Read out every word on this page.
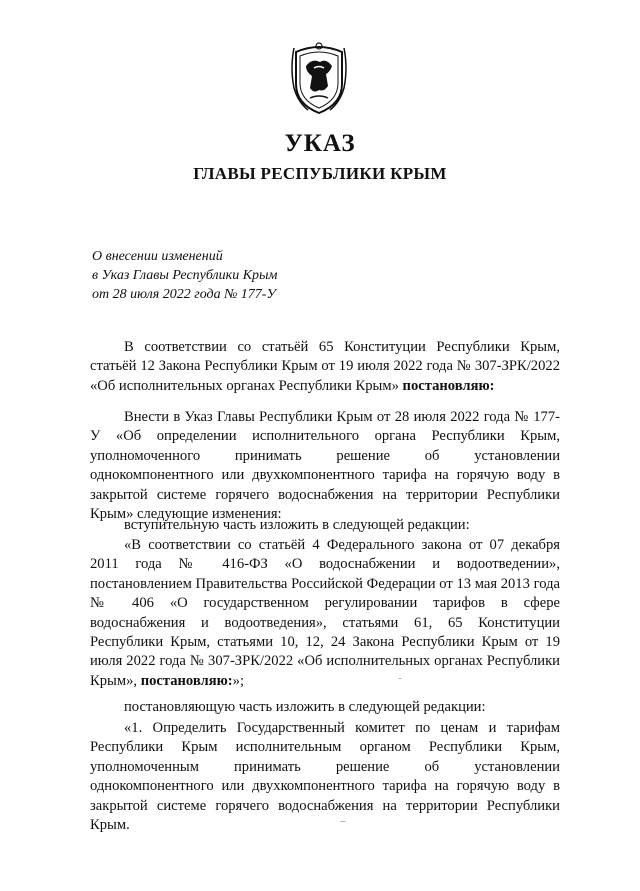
УКАЗ
ГЛАВЫ РЕСПУБЛИКИ КРЫМ
О внесении изменений
в Указ Главы Республики Крым
от 28 июля 2022 года № 177-У

В соответствии со статьёй 65 Конституции Республики Крым, статьёй 12 Закона Республики Крым от 19 июля 2022 года № 307-ЗРК/2022 «Об исполнительных органах Республики Крым» постановляю:

Внести в Указ Главы Республики Крым от 28 июля 2022 года № 177-У «Об определении исполнительного органа Республики Крым, уполномоченного принимать решение об установлении однокомпонентного или двухкомпонентного тарифа на горячую воду в закрытой системе горячего водоснабжения на территории Республики Крым» следующие изменения:

вступительную часть изложить в следующей редакции:

«В соответствии со статьёй 4 Федерального закона от 07 декабря 2011 года № 416-ФЗ «О водоснабжении и водоотведении», постановлением Правительства Российской Федерации от 13 мая 2013 года № 406 «О государственном регулировании тарифов в сфере водоснабжения и водоотведения», статьями 61, 65 Конституции Республики Крым, статьями 10, 12, 24 Закона Республики Крым от 19 июля 2022 года № 307-ЗРК/2022 «Об исполнительных органах Республики Крым», постановляю:»;

постановляющую часть изложить в следующей редакции:

«1. Определить Государственный комитет по ценам и тарифам Республики Крым исполнительным органом Республики Крым, уполномоченным принимать решение об установлении однокомпонентного или двухкомпонентного тарифа на горячую воду в закрытой системе горячего водоснабжения на территории Республики Крым.
